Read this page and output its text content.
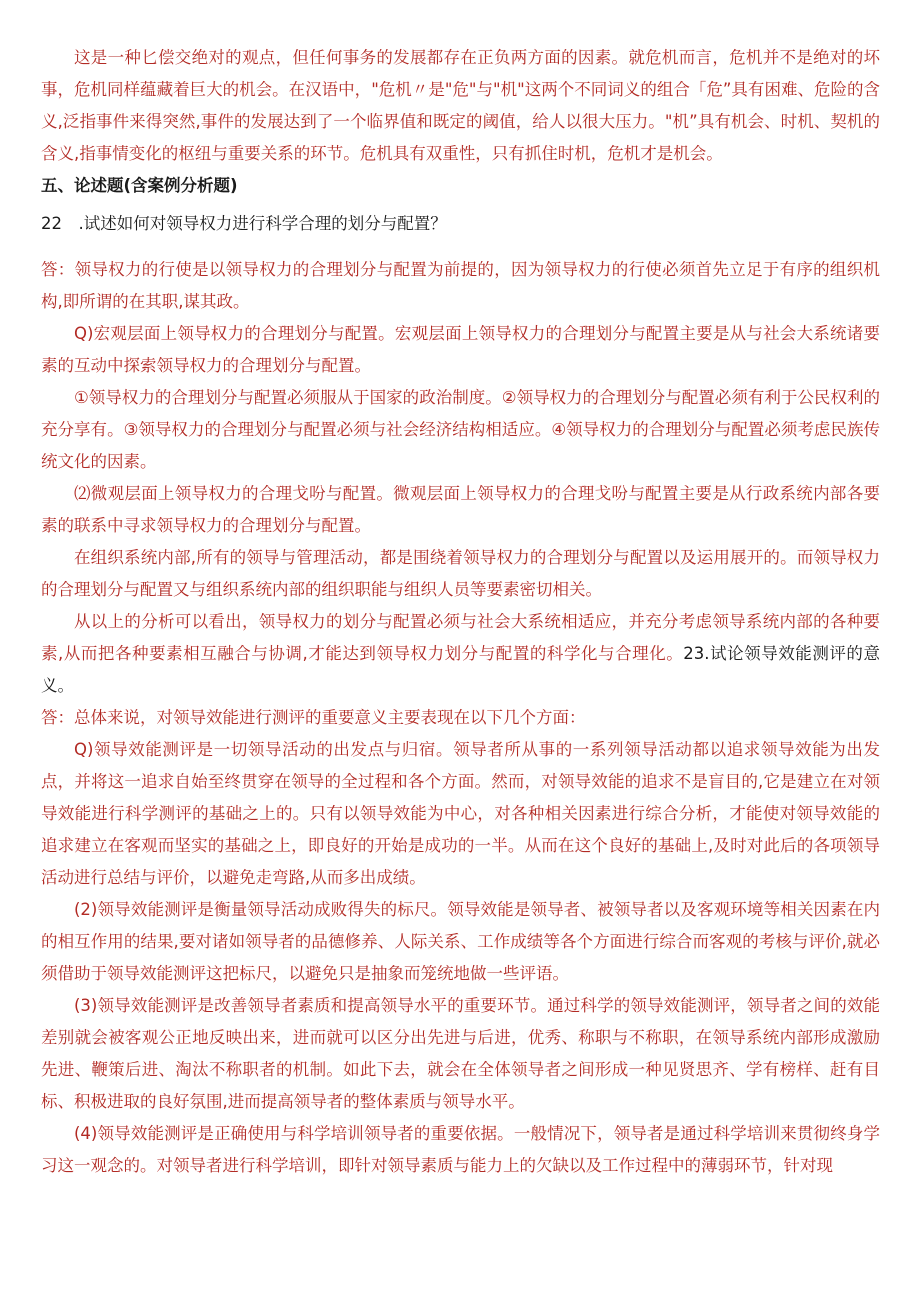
这是一种匕偿交绝对的观点，但任何事务的发展都存在正负两方面的因素。就危机而言，危机并不是绝对的坏事，危机同样蕴藏着巨大的机会。在汉语中，"危机〃是"危"与"机"这两个不同词义的组合「危”具有困难、危险的含义,泛指事件来得突然,事件的发展达到了一个临界值和既定的阈值，给人以很大压力。"机”具有机会、时机、契机的含义,指事情变化的枢纽与重要关系的环节。危机具有双重性，只有抓住时机，危机才是机会。

五、论述题(含案例分析题)

22　.试述如何对领导权力进行科学合理的划分与配置？

答：领导权力的行使是以领导权力的合理划分与配置为前提的，因为领导权力的行使必须首先立足于有序的组织机构,即所谓的在其职,谋其政。

Q)宏观层面上领导权力的合理划分与配置。宏观层面上领导权力的合理划分与配置主要是从与社会大系统诸要素的互动中探索领导权力的合理划分与配置。

①领导权力的合理划分与配置必须服从于国家的政治制度。②领导权力的合理划分与配置必须有利于公民权利的充分享有。③领导权力的合理划分与配置必须与社会经济结构相适应。④领导权力的合理划分与配置必须考虑民族传统文化的因素。

⑵微观层面上领导权力的合理戈吩与配置。微观层面上领导权力的合理戈吩与配置主要是从行政系统内部各要素的联系中寻求领导权力的合理划分与配置。

在组织系统内部,所有的领导与管理活动，都是围绕着领导权力的合理划分与配置以及运用展开的。而领导权力的合理划分与配置又与组织系统内部的组织职能与组织人员等要素密切相关。

从以上的分析可以看出，领导权力的划分与配置必须与社会大系统相适应，并充分考虑领导系统内部的各种要素,从而把各种要素相互融合与协调,才能达到领导权力划分与配置的科学化与合理化。23.试论领导效能测评的意义。

答：总体来说，对领导效能进行测评的重要意义主要表现在以下几个方面：

Q)领导效能测评是一切领导活动的出发点与归宿。领导者所从事的一系列领导活动都以追求领导效能为出发点，并将这一追求自始至终贯穿在领导的全过程和各个方面。然而，对领导效能的追求不是盲目的,它是建立在对领导效能进行科学测评的基础之上的。只有以领导效能为中心，对各种相关因素进行综合分析，才能使对领导效能的追求建立在客观而坚实的基础之上，即良好的开始是成功的一半。从而在这个良好的基础上,及时对此后的各项领导活动进行总结与评价，以避免走弯路,从而多出成绩。

(2)领导效能测评是衡量领导活动成败得失的标尺。领导效能是领导者、被领导者以及客观环境等相关因素在内的相互作用的结果,要对诸如领导者的品德修养、人际关系、工作成绩等各个方面进行综合而客观的考核与评价,就必须借助于领导效能测评这把标尺，以避免只是抽象而笼统地做一些评语。

(3)领导效能测评是改善领导者素质和提高领导水平的重要环节。通过科学的领导效能测评，领导者之间的效能差别就会被客观公正地反映出来，进而就可以区分出先进与后进，优秀、称职与不称职，在领导系统内部形成激励先进、鞭策后进、淘汰不称职者的机制。如此下去，就会在全体领导者之间形成一种见贤思齐、学有榜样、赶有目标、积极进取的良好氛围,进而提高领导者的整体素质与领导水平。

(4)领导效能测评是正确使用与科学培训领导者的重要依据。一般情况下，领导者是通过科学培训来贯彻终身学习这一观念的。对领导者进行科学培训，即针对领导素质与能力上的欠缺以及工作过程中的薄弱环节，针对现
